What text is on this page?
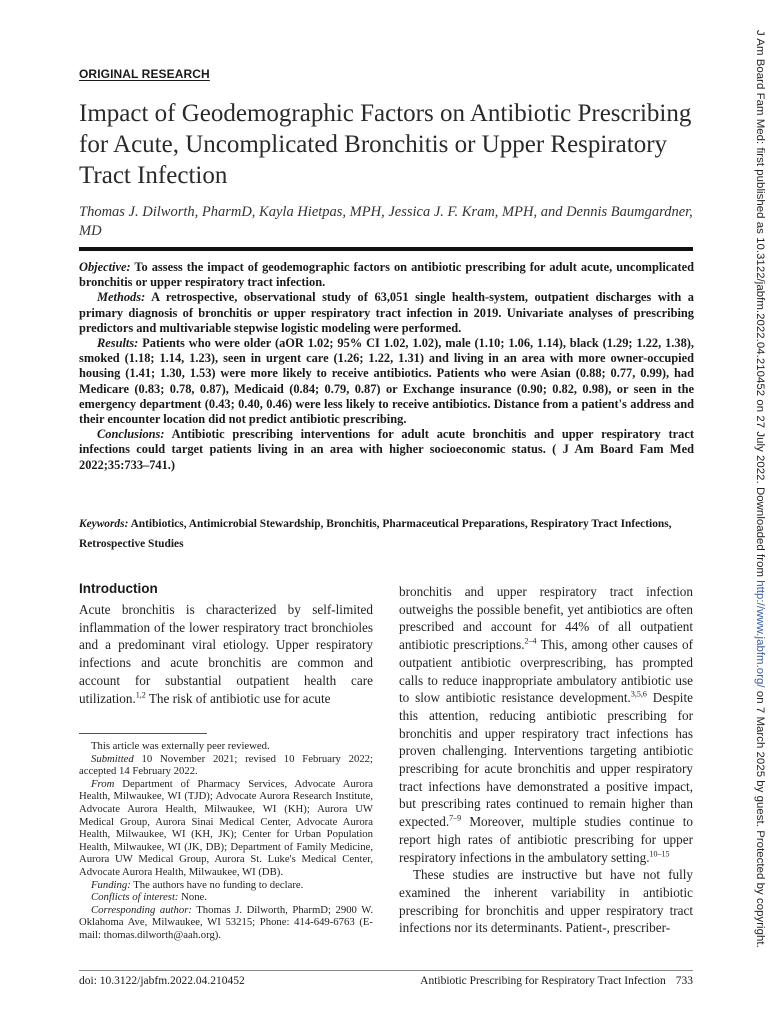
J Am Board Fam Med: first published as 10.3122/jabfm.2022.04.210452 on 27 July 2022. Downloaded from http://www.jabfm.org/ on 7 March 2025 by guest. Protected by copyright.
ORIGINAL RESEARCH
Impact of Geodemographic Factors on Antibiotic Prescribing for Acute, Uncomplicated Bronchitis or Upper Respiratory Tract Infection
Thomas J. Dilworth, PharmD, Kayla Hietpas, MPH, Jessica J. F. Kram, MPH, and Dennis Baumgardner, MD

Objective: To assess the impact of geodemographic factors on antibiotic prescribing for adult acute, uncomplicated bronchitis or upper respiratory tract infection.

Methods: A retrospective, observational study of 63,051 single health-system, outpatient discharges with a primary diagnosis of bronchitis or upper respiratory tract infection in 2019. Univariate analyses of prescribing predictors and multivariable stepwise logistic modeling were performed.

Results: Patients who were older (aOR 1.02; 95% CI 1.02, 1.02), male (1.10; 1.06, 1.14), black (1.29; 1.22, 1.38), smoked (1.18; 1.14, 1.23), seen in urgent care (1.26; 1.22, 1.31) and living in an area with more owner-occupied housing (1.41; 1.30, 1.53) were more likely to receive antibiotics. Patients who were Asian (0.88; 0.77, 0.99), had Medicare (0.83; 0.78, 0.87), Medicaid (0.84; 0.79, 0.87) or Exchange insurance (0.90; 0.82, 0.98), or seen in the emergency department (0.43; 0.40, 0.46) were less likely to receive antibiotics. Distance from a patient's address and their encounter location did not predict antibiotic prescribing.

Conclusions: Antibiotic prescribing interventions for adult acute bronchitis and upper respiratory tract infections could target patients living in an area with higher socioeconomic status. ( J Am Board Fam Med 2022;35:733–741.)

Keywords: Antibiotics, Antimicrobial Stewardship, Bronchitis, Pharmaceutical Preparations, Respiratory Tract Infections, Retrospective Studies
Introduction
Acute bronchitis is characterized by self-limited inflammation of the lower respiratory tract bronchioles and a predominant viral etiology. Upper respiratory infections and acute bronchitis are common and account for substantial outpatient health care utilization.$^{1,2}$ The risk of antibiotic use for acute

This article was externally peer reviewed.

Submitted 10 November 2021; revised 10 February 2022; accepted 14 February 2022.

From Department of Pharmacy Services, Advocate Aurora Health, Milwaukee, WI (TJD); Advocate Aurora Research Institute, Advocate Aurora Health, Milwaukee, WI (KH); Aurora UW Medical Group, Aurora Sinai Medical Center, Advocate Aurora Health, Milwaukee, WI (KH, JK); Center for Urban Population Health, Milwaukee, WI (JK, DB); Department of Family Medicine, Aurora UW Medical Group, Aurora St. Luke's Medical Center, Advocate Aurora Health, Milwaukee, WI (DB).

Funding: The authors have no funding to declare.

Conflicts of interest: None.

Corresponding author: Thomas J. Dilworth, PharmD; 2900 W. Oklahoma Ave, Milwaukee, WI 53215; Phone: 414-649-6763 (E-mail: thomas.dilworth@aah.org).

bronchitis and upper respiratory tract infection outweighs the possible benefit, yet antibiotics are often prescribed and account for 44% of all outpatient antibiotic prescriptions.$^{2-4}$ This, among other causes of outpatient antibiotic overprescribing, has prompted calls to reduce inappropriate ambulatory antibiotic use to slow antibiotic resistance development.$^{3,5,6}$ Despite this attention, reducing antibiotic prescribing for bronchitis and upper respiratory tract infections has proven challenging. Interventions targeting antibiotic prescribing for acute bronchitis and upper respiratory tract infections have demonstrated a positive impact, but prescribing rates continued to remain higher than expected.$^{7-9}$ Moreover, multiple studies continue to report high rates of antibiotic prescribing for upper respiratory infections in the ambulatory setting.$^{10-15}$

These studies are instructive but have not fully examined the inherent variability in antibiotic prescribing for bronchitis and upper respiratory tract infections nor its determinants. Patient-, prescriber-

doi: 10.3122/jabfm.2022.04.210452	Antibiotic Prescribing for Respiratory Tract Infection 733
